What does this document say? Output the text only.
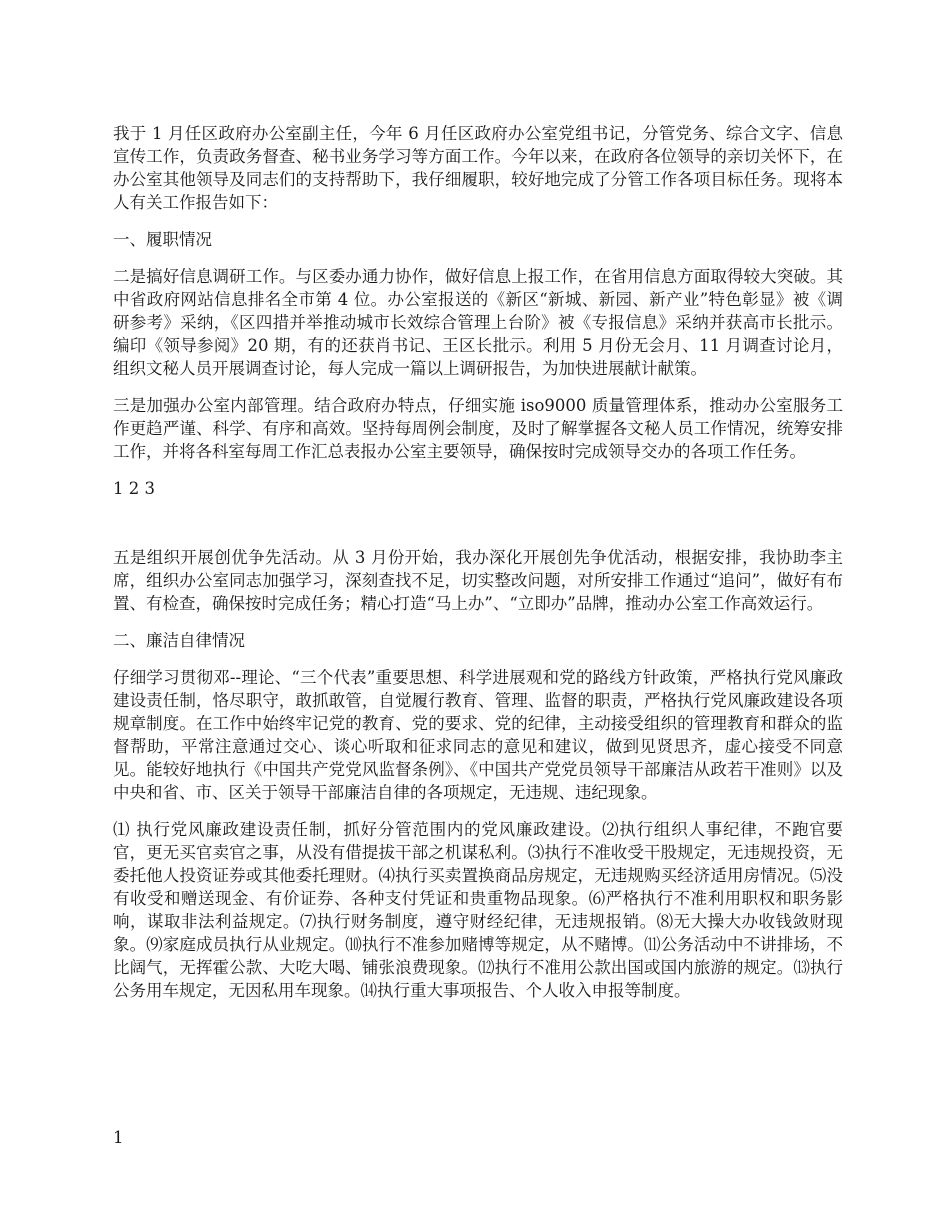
我于 1 月任区政府办公室副主任，今年 6 月任区政府办公室党组书记，分管党务、综合文字、信息宣传工作，负责政务督查、秘书业务学习等方面工作。今年以来，在政府各位领导的亲切关怀下，在办公室其他领导及同志们的支持帮助下，我仔细履职，较好地完成了分管工作各项目标任务。现将本人有关工作报告如下：

一、履职情况

二是搞好信息调研工作。与区委办通力协作，做好信息上报工作，在省用信息方面取得较大突破。其中省政府网站信息排名全市第 4 位。办公室报送的《新区“新城、新园、新产业”特色彰显》被《调研参考》采纳，《区四措并举推动城市长效综合管理上台阶》被《专报信息》采纳并获高市长批示。编印《领导参阅》20 期，有的还获肖书记、王区长批示。利用 5 月份无会月、11 月调查讨论月，组织文秘人员开展调查讨论，每人完成一篇以上调研报告，为加快进展献计献策。

三是加强办公室内部管理。结合政府办特点，仔细实施 iso9000 质量管理体系，推动办公室服务工作更趋严谨、科学、有序和高效。坚持每周例会制度，及时了解掌握各文秘人员工作情况，统筹安排工作，并将各科室每周工作汇总表报办公室主要领导，确保按时完成领导交办的各项工作任务。

1 2 3

五是组织开展创优争先活动。从 3 月份开始，我办深化开展创先争优活动，根据安排，我协助李主席，组织办公室同志加强学习，深刻查找不足，切实整改问题，对所安排工作通过“追问”，做好有布置、有检查，确保按时完成任务；精心打造“马上办”、“立即办”品牌，推动办公室工作高效运行。

二、廉洁自律情况

仔细学习贯彻邓--理论、“三个代表”重要思想、科学进展观和党的路线方针政策，严格执行党风廉政建设责任制，恪尽职守，敢抓敢管，自觉履行教育、管理、监督的职责，严格执行党风廉政建设各项规章制度。在工作中始终牢记党的教育、党的要求、党的纪律，主动接受组织的管理教育和群众的监督帮助，平常注意通过交心、谈心听取和征求同志的意见和建议，做到见贤思齐，虚心接受不同意见。能较好地执行《中国共产党党风监督条例》、《中国共产党党员领导干部廉洁从政若干准则》以及中央和省、市、区关于领导干部廉洁自律的各项规定，无违规、违纪现象。

⑴ 执行党风廉政建设责任制，抓好分管范围内的党风廉政建设。⑵执行组织人事纪律，不跑官要官，更无买官卖官之事，从没有借提拔干部之机谋私利。⑶执行不准收受干股规定，无违规投资，无委托他人投资证券或其他委托理财。⑷执行买卖置换商品房规定，无违规购买经济适用房情况。⑸没有收受和赠送现金、有价证券、各种支付凭证和贵重物品现象。⑹严格执行不准利用职权和职务影响，谋取非法利益规定。⑺执行财务制度，遵守财经纪律，无违规报销。⑻无大操大办收钱敛财现象。⑼家庭成员执行从业规定。⑽执行不准参加赌博等规定，从不赌博。⑾公务活动中不讲排场，不比阔气，无挥霍公款、大吃大喝、铺张浪费现象。⑿执行不准用公款出国或国内旅游的规定。⒀执行公务用车规定，无因私用车现象。⒁执行重大事项报告、个人收入申报等制度。

1
